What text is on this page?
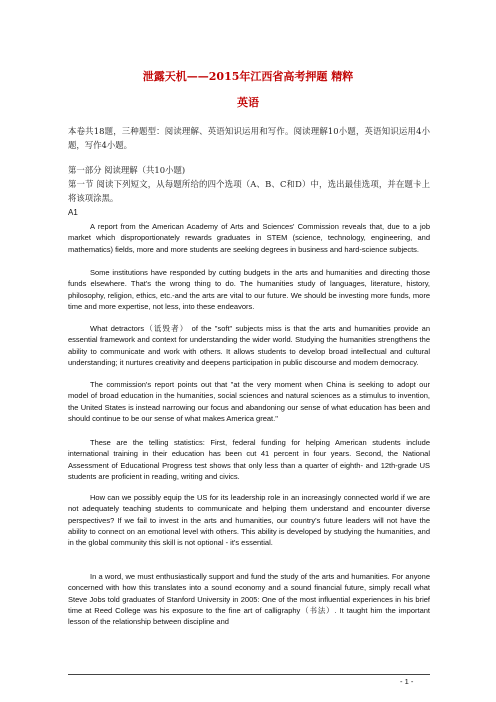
泄露天机——2015年江西省高考押题 精粹
英语

本卷共18题，三种题型：阅读理解、英语知识运用和写作。阅读理解10小题，英语知识运用4小题，写作4小题。

第一部分 阅读理解（共10小题)

第一节 阅读下列短文，从每题所给的四个选项（A、B、C和D）中，选出最佳选项，并在题卡上将该项涂黑。

A1

A report from the American Academy of Arts and Sciences' Commission reveals that, due to a job market which disproportionately rewards graduates in STEM (science, technology, engineering, and mathematics) fields, more and more students are seeking degrees in business and hard-science subjects.

Some institutions have responded by cutting budgets in the arts and humanities and directing those funds elsewhere. That's the wrong thing to do. The humanities study of languages, literature, history, philosophy, religion, ethics, etc.-and the arts are vital to our future. We should be investing more funds, more time and more expertise, not less, into these endeavors.

What detractors（诋毁者） of the "soft" subjects miss is that the arts and humanities provide an essential framework and context for understanding the wider world. Studying the humanities strengthens the ability to communicate and work with others. It allows students to develop broad intellectual and cultural understanding; it nurtures creativity and deepens participation in public discourse and modem democracy.

The commission's report points out that "at the very moment when China is seeking to adopt our model of broad education in the humanities, social sciences and natural sciences as a stimulus to invention, the United States is instead narrowing our focus and abandoning our sense of what education has been and should continue to be our sense of what makes America great."

These are the telling statistics: First, federal funding for helping American students include international training in their education has been cut 41 percent in four years. Second, the National Assessment of Educational Progress test shows that only less than a quarter of eighth- and 12th-grade US students are proficient in reading, writing and civics.

How can we possibly equip the US for its leadership role in an increasingly connected world if we are not adequately teaching students to communicate and helping them understand and encounter diverse perspectives? If we fail to invest in the arts and humanities, our country's future leaders will not have the ability to connect on an emotional level with others. This ability is developed by studying the humanities, and in the global community this skill is not optional - it's essential.

In a word, we must enthusiastically support and fund the study of the arts and humanities. For anyone concerned with how this translates into a sound economy and a sound financial future, simply recall what Steve Jobs told graduates of Stanford University in 2005: One of the most influential experiences in his brief time at Reed College was his exposure to the fine art of calligraphy（书法）. It taught him the important lesson of the relationship between discipline and

- 1 -
